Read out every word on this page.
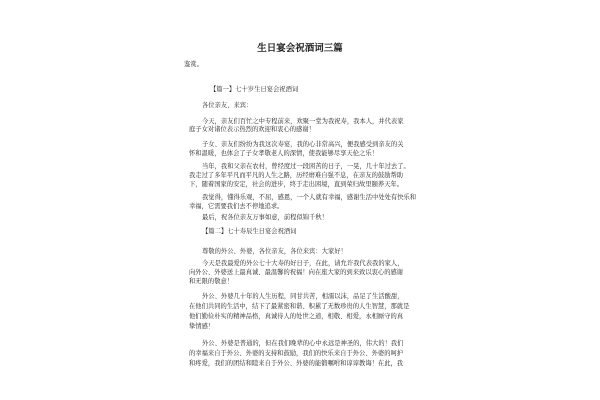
生日宴会祝酒词三篇
鉴赏。
【篇一】七十岁生日宴会祝酒词
各位亲友、来宾：
今天，亲友们百忙之中专程前来，欢聚一堂为我祝寿，我本人，并代表家
庭子女对诸位表示热烈的欢迎和衷心的感谢！
子女、亲友们纷纷为我这次寿宴，我的心非常高兴，便我感受到亲友的关
怀和温暖，也体会了子女孝敬老人的深情，使我能够尽享天伦之乐！
当年，我和父亲在农村，曾经度过一段困苦的日子，一晃，几十年过去了。
我走过了多年平凡而平凡的人生之路，历经磨难自强不息，在亲友的鼓励帮助
下，随着国家的安定，社会的进步，终于走出困境，直到荣归故里颐养天年。
我觉得，懂得乐观，不屈，感恩，一个人就有幸福，感谢生活中处处有快乐和
幸福，它需要我们去不停地追求。
最后，祝各位亲友万事如意，前程似锦千秋！
【篇二】七十寿辰生日宴会祝酒词
尊敬的外公、外婆，各位亲友，各位来宾：大家好！
今天是我最爱的外公七十大寿的好日子，在此，请允许我代表我的家人，
向外公、外婆送上最真诚、最温馨的祝福！向在座大家的到来致以衷心的感谢
和无限的敬意！
外公、外婆几十年的人生历程，同甘共苦，相濡以沫，品足了生活酸甜，
在他们共同的生活中，结下了最紧密和谐、积累了无数珍贵的人生智慧，那就是
他们勤俭朴实的精神品格，真诚待人的处世之道，相敬、相爱，永相厮守的真
挚情感！
外公、外婆是普通的，但在我们晚辈的心中永远是神圣的，伟大的！我们
的幸福来自于外公、外婆的支持和鼓励，我们的快乐来自于外公、外婆的呵护
和疼爱，我们的团结和睦来自于外公、外婆的能锻嘱咐和谆谆教诲！在此，我
